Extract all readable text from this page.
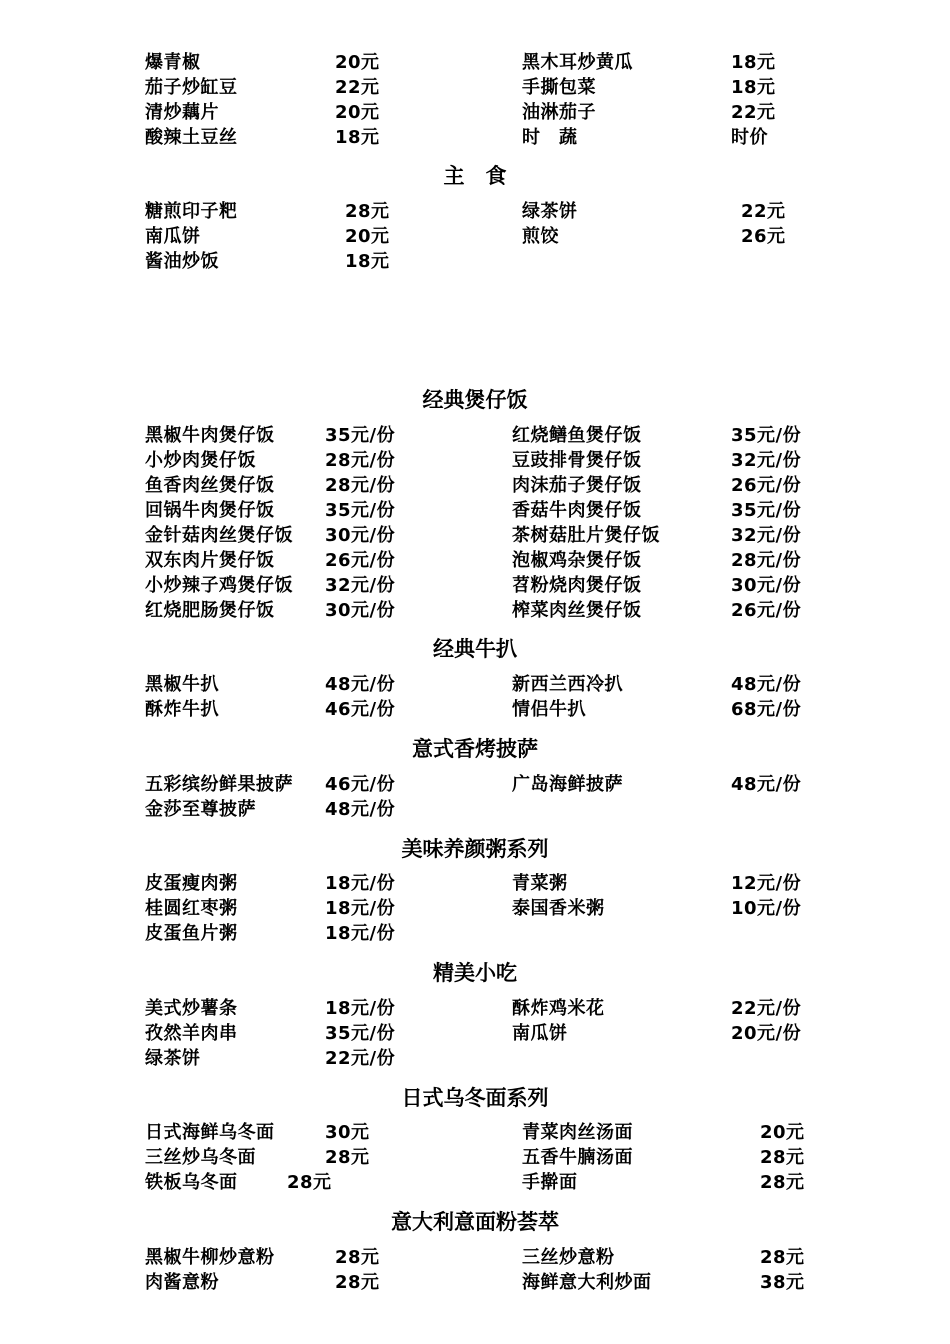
爆青椒	20元	黑木耳炒黄瓜	18元
茄子炒缸豆	22元	手撕包菜	18元
清炒藕片	20元	油淋茄子	22元
酸辣土豆丝	18元	时　蔬	时价
主　食
糖煎印子粑	28元	绿茶饼	22元
南瓜饼	20元	煎饺	26元
酱油炒饭	18元
经典煲仔饭
黑椒牛肉煲仔饭	35元/份	红烧鳝鱼煲仔饭	35元/份
小炒肉煲仔饭	28元/份	豆豉排骨煲仔饭	32元/份
鱼香肉丝煲仔饭	28元/份	肉沫茄子煲仔饭	26元/份
回锅牛肉煲仔饭	35元/份	香菇牛肉煲仔饭	35元/份
金针菇肉丝煲仔饭 30元/份	茶树菇肚片煲仔饭	32元/份
双东肉片煲仔饭	26元/份	泡椒鸡杂煲仔饭	28元/份
小炒辣子鸡煲仔饭 32元/份	苕粉烧肉煲仔饭	30元/份
红烧肥肠煲仔饭	30元/份	榨菜肉丝煲仔饭	26元/份
经典牛扒
黑椒牛扒	48元/份	新西兰西冷扒	48元/份
酥炸牛扒	46元/份	情侣牛扒	68元/份
意式香烤披萨
五彩缤纷鲜果披萨 46元/份	广岛海鲜披萨	48元/份
金莎至尊披萨	48元/份
美味养颜粥系列
皮蛋瘦肉粥	18元/份	青菜粥	12元/份
桂圆红枣粥	18元/份	泰国香米粥	10元/份
皮蛋鱼片粥	18元/份
精美小吃
美式炒薯条	18元/份	酥炸鸡米花	22元/份
孜然羊肉串	35元/份	南瓜饼	20元/份
绿茶饼	22元/份
日式乌冬面系列
日式海鲜乌冬面	30元	青菜肉丝汤面	20元
三丝炒乌冬面	28元	五香牛腩汤面	28元
铁板乌冬面	28元	手擀面	28元
意大利意面粉荟萃
黑椒牛柳炒意粉	28元	三丝炒意粉	28元
肉酱意粉	28元	海鲜意大利炒面	38元
